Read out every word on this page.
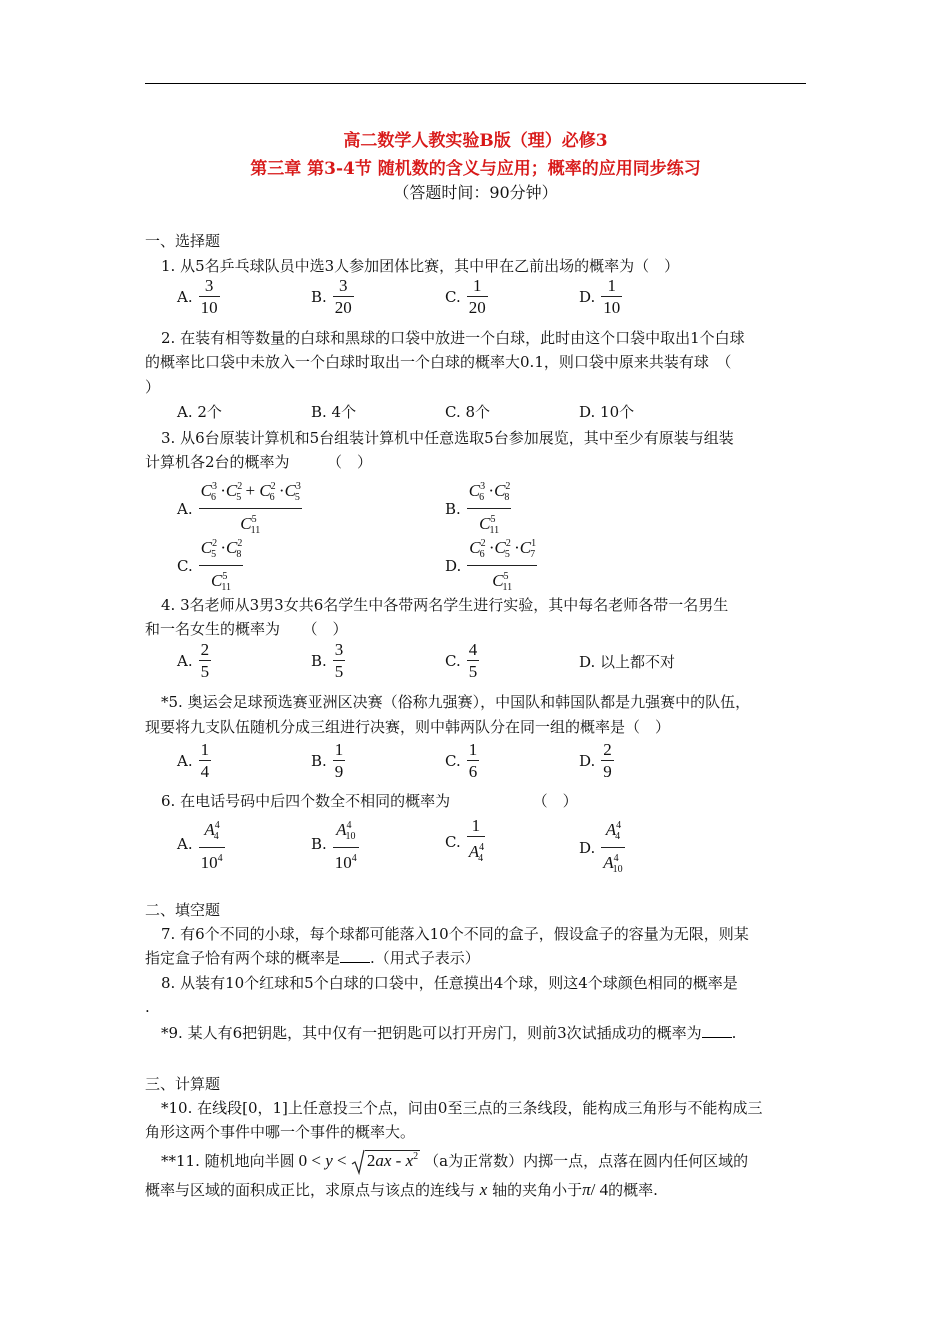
高二数学人教实验B版（理）必修3
第三章 第3-4节 随机数的含义与应用；概率的应用同步练习
（答题时间：90分钟）
一、选择题
1. 从5名乒乓球队员中选3人参加团体比赛，其中甲在乙前出场的概率为（　）
A. $\frac{3}{10}$	B. $\frac{3}{20}$	C. $\frac{1}{20}$	D. $\frac{1}{10}$
2. 在装有相等数量的白球和黑球的口袋中放进一个白球，此时由这个口袋中取出1个白球
的概率比口袋中未放入一个白球时取出一个白球的概率大0.1，则口袋中原来共装有球　（
）
A. 2个	B. 4个	C. 8个	D. 10个
3. 从6台原装计算机和5台组装计算机中任意选取5台参加展览，其中至少有原装与组装
计算机各2台的概率为　　　（　）
A. $\frac{C^3_6 \cdot C^2_5 + C^2_6 \cdot C^3_5}{C^5_{11}}$	B. $\frac{C^3_6 \cdot C^2_8}{C^5_{11}}$
C. $\frac{C^2_5 \cdot C^2_8}{C^5_{11}}$	D. $\frac{C^2_6 \cdot C^2_5 \cdot C^1_7}{C^5_{11}}$
4. 3名老师从3男3女共6名学生中各带两名学生进行实验，其中每名老师各带一名男生
和一名女生的概率为　　（　）
A. $\frac{2}{5}$	B. $\frac{3}{5}$	C. $\frac{4}{5}$	D. 以上都不对
*5. 奥运会足球预选赛亚洲区决赛（俗称九强赛），中国队和韩国队都是九强赛中的队伍，
现要将九支队伍随机分成三组进行决赛，则中韩两队分在同一组的概率是（　）
A. $\frac{1}{4}$	B. $\frac{1}{9}$	C. $\frac{1}{6}$	D. $\frac{2}{9}$
6. 在电话号码中后四个数全不相同的概率为　　　　　　（　）
A. $\frac{A^4_4}{10^4}$	B. $\frac{A^4_{10}}{10^4}$	C. $\frac{1}{A^4_4}$	D. $\frac{A^4_4}{A^4_{10}}$
二、填空题
7. 有6个不同的小球，每个球都可能落入10个不同的盒子，假设盒子的容量为无限，则某
指定盒子恰有两个球的概率是 .（用式子表示）
8. 从装有10个红球和5个白球的口袋中，任意摸出4个球，则这4个球颜色相同的概率是
.
*9. 某人有6把钥匙，其中仅有一把钥匙可以打开房门，则前3次试插成功的概率为 .
三、计算题
*10. 在线段[0，1]上任意投三个点，问由0至三点的三条线段，能构成三角形与不能构成三
角形这两个事件中哪一个事件的概率大。
**11. 随机地向半圆 $0 < y < 2ax - x^2$ （a为正常数）内掷一点，点落在圆内任何区域的
概率与区域的面积成正比，求原点与该点的连线与 x 轴的夹角小于π/ 4的概率.
